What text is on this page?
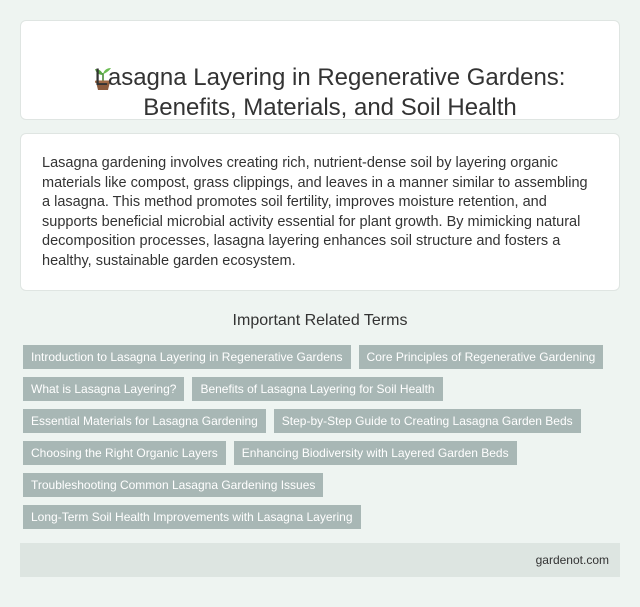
Lasagna Layering in Regenerative Gardens: Benefits, Materials, and Soil Health

Lasagna gardening involves creating rich, nutrient-dense soil by layering organic materials like compost, grass clippings, and leaves in a manner similar to assembling a lasagna. This method promotes soil fertility, improves moisture retention, and supports beneficial microbial activity essential for plant growth. By mimicking natural decomposition processes, lasagna layering enhances soil structure and fosters a healthy, sustainable garden ecosystem.

Important Related Terms
Introduction to Lasagna Layering in Regenerative Gardens	Core Principles of Regenerative Gardening
What is Lasagna Layering?	Benefits of Lasagna Layering for Soil Health
Essential Materials for Lasagna Gardening	Step-by-Step Guide to Creating Lasagna Garden Beds
Choosing the Right Organic Layers	Enhancing Biodiversity with Layered Garden Beds
Troubleshooting Common Lasagna Gardening Issues
Long-Term Soil Health Improvements with Lasagna Layering
gardenot.com
